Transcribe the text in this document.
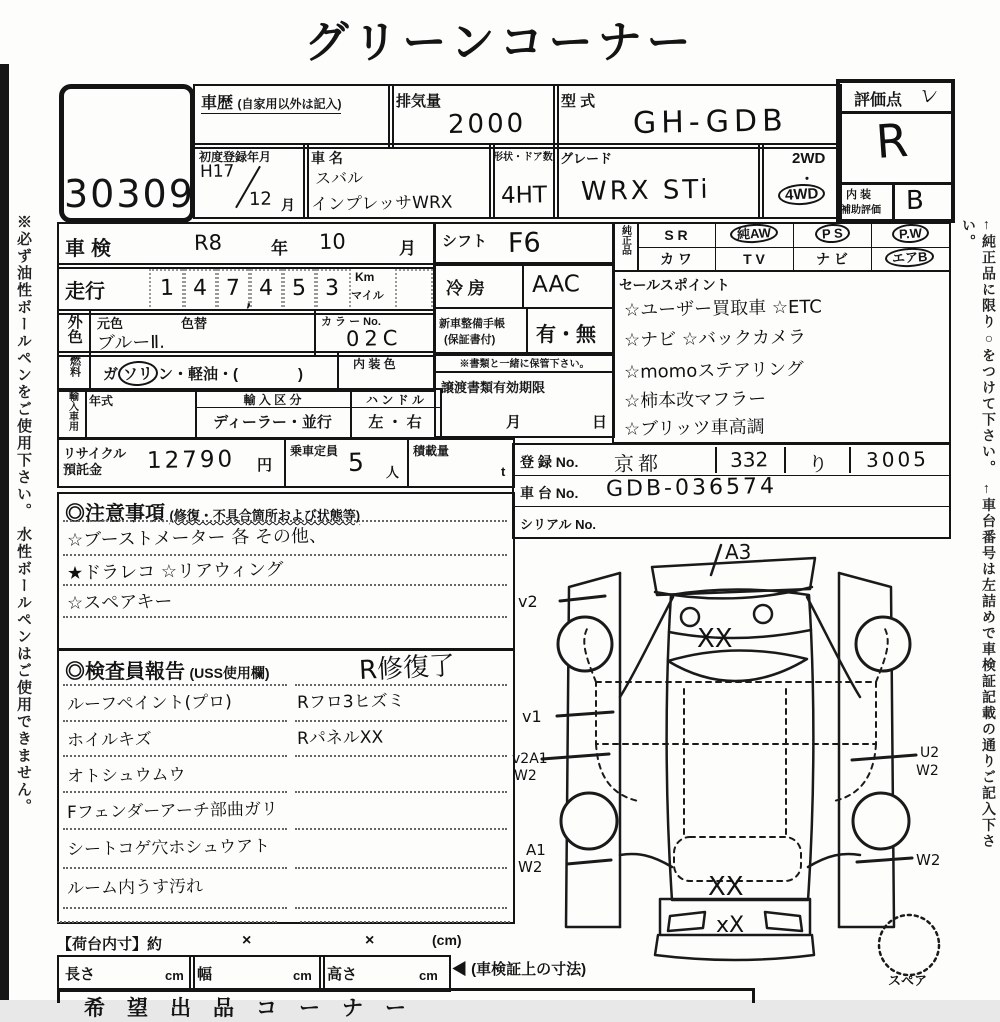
グリーンコーナー
※必ず油性ボールペンをご使用下さい。 水性ボールペンはご使用できません。	←純正品に限り○をつけて下さい。 ←車台番号は左詰めで車検証記載の通りご記入下さい。
30309
車歴 (自家用以外は記入)	排気量
2000
型 式
GH-GDB
初度登録年月
H17
12 月
車 名
スバル
インプレッサWRX
形状・ドア数
4HT
グレード
WRX STi
2WD
・
4WD
評価点 レ
R
内 装
補助評価 B
車検	R8	年 10	月
走行 1 4 7 4 5 3
,
Km
マイル
外色 元色	色替
ブルーⅡ.
カ ラ ー No.
02C
燃料 ガ ソリ ン・軽油・(	)
内 装 色
輸入車用 年式	輸 入 区 分
ディーラー・並行
ハ ン ド ル
左 ・ 右
リサイクル
預託金 12790 円
乗車定員 5 人
積載量
t
シフト F6
冷 房 AAC
新車整備手帳
(保証書付) 有・無
※書類と一緒に保管下さい。
譲渡書類有効期限
月	日
純正品	S R	純AW	P S	P.W
カ ワ	T V	ナ ビ	エアB
セールスポイント
☆ユーザー買取車 ☆ETC
☆ナビ ☆バックカメラ
☆momoステアリング
☆柿本改マフラー
☆ブリッツ車高調
登 録 No. 京都	332 り 3005
車 台 No. GDB-036574
シリアル No.
◎注意事項 (修復・不具合箇所および状態等)
☆ブーストメーター 各 その他、
★ドラレコ ☆リアウィング
☆スペアキー
◎検査員報告 (USS使用欄)	R修復了
ルーフペイント(プロ)	Rフロ3ヒズミ
ホイルキズ	RパネルXX
オトシュウムウ
Fフェンダーアーチ部曲ガリ
シートコゲ穴ホシュウアト
ルーム内うす汚れ
A3
XX
XX
xX
v2
v1
v2A1
W2
A1
W2
U2
W2
W2
スペア
【荷台内寸】約	×	×	(cm)
長さ	cm 幅	cm 高さ	cm ◀ (車検証上の寸法)
希望出品コーナー
